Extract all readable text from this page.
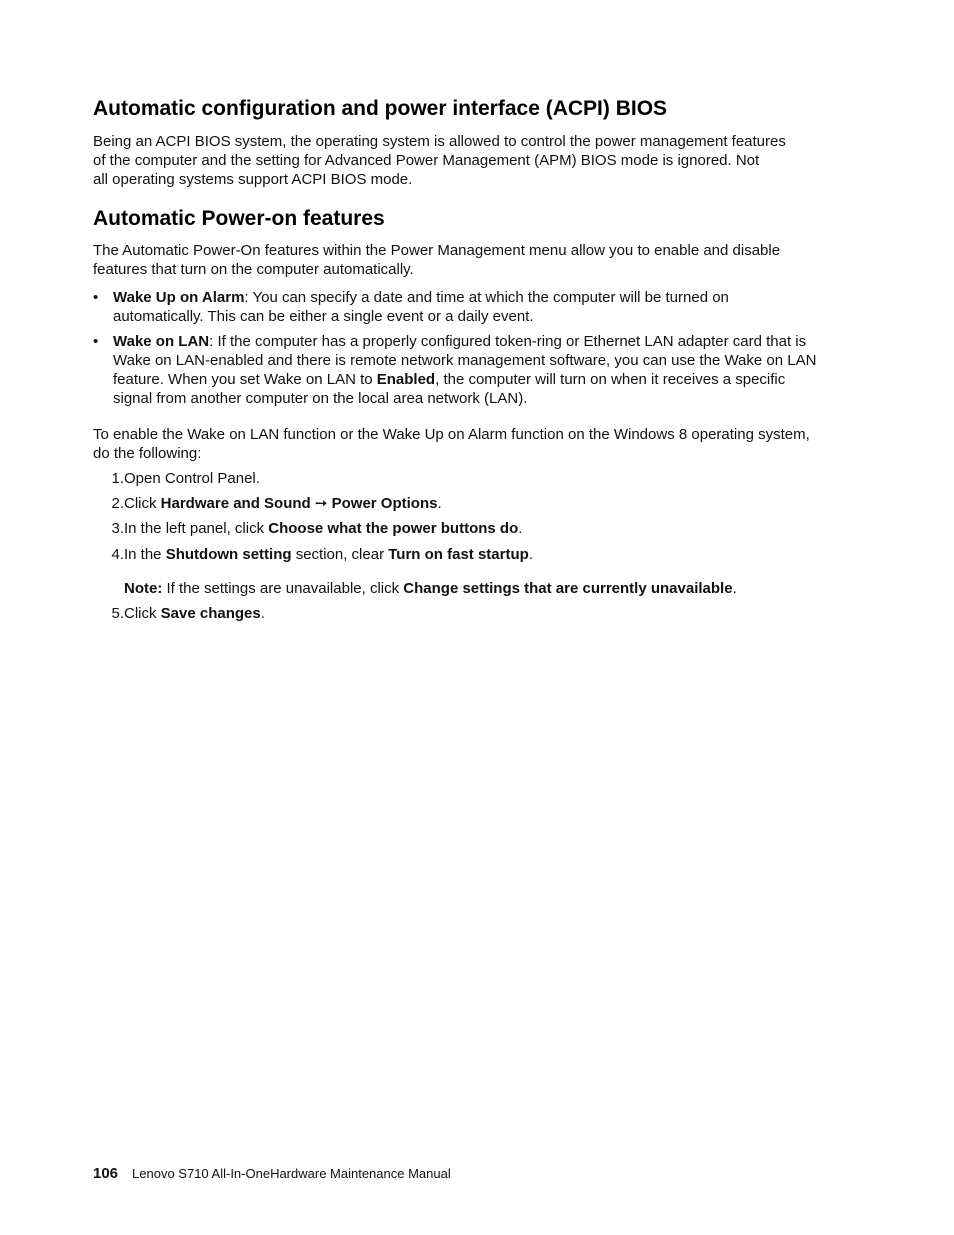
Automatic configuration and power interface (ACPI) BIOS
Being an ACPI BIOS system, the operating system is allowed to control the power management features
of the computer and the setting for Advanced Power Management (APM) BIOS mode is ignored. Not
all operating systems support ACPI BIOS mode.
Automatic Power-on features
The Automatic Power-On features within the Power Management menu allow you to enable and disable
features that turn on the computer automatically.
• Wake Up on Alarm: You can specify a date and time at which the computer will be turned on
automatically. This can be either a single event or a daily event.
• Wake on LAN: If the computer has a properly configured token-ring or Ethernet LAN adapter card that is
Wake on LAN-enabled and there is remote network management software, you can use the Wake on LAN
feature. When you set Wake on LAN to Enabled, the computer will turn on when it receives a specific
signal from another computer on the local area network (LAN).
To enable the Wake on LAN function or the Wake Up on Alarm function on the Windows 8 operating system,
do the following:
1. Open Control Panel.
2. Click Hardware and Sound ➙ Power Options.
3. In the left panel, click Choose what the power buttons do.
4. In the Shutdown setting section, clear Turn on fast startup.
Note: If the settings are unavailable, click Change settings that are currently unavailable.
5. Click Save changes.
106 Lenovo S710 All-In-OneHardware Maintenance Manual
